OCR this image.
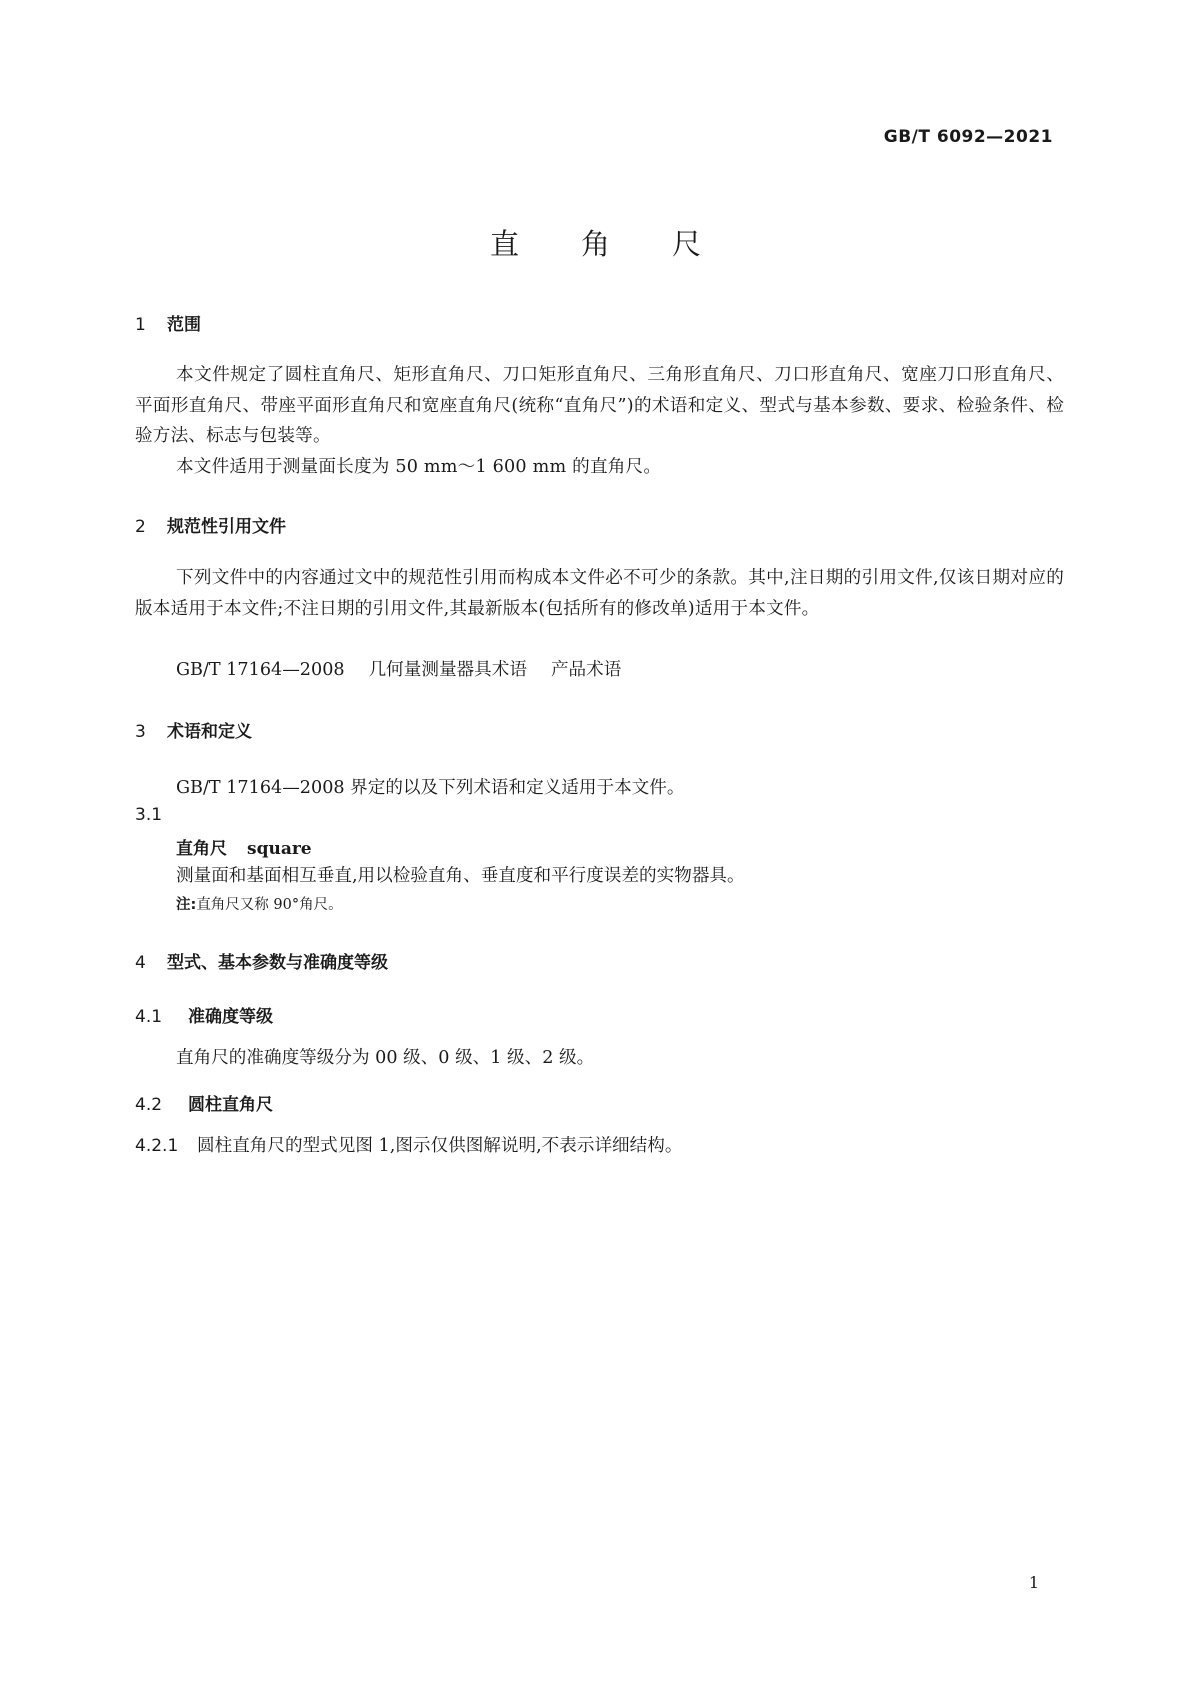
GB/T 6092—2021
直角尺
1 范围
本文件规定了圆柱直角尺、矩形直角尺、刀口矩形直角尺、三角形直角尺、刀口形直角尺、宽座刀口形直角尺、平面形直角尺、带座平面形直角尺和宽座直角尺(统称“直角尺”)的术语和定义、型式与基本参数、要求、检验条件、检验方法、标志与包装等。
本文件适用于测量面长度为 50 mm～1 600 mm 的直角尺。
2 规范性引用文件
下列文件中的内容通过文中的规范性引用而构成本文件必不可少的条款。其中,注日期的引用文件,仅该日期对应的版本适用于本文件;不注日期的引用文件,其最新版本(包括所有的修改单)适用于本文件。
GB/T 17164—2008 几何量测量器具术语 产品术语
3 术语和定义
GB/T 17164—2008 界定的以及下列术语和定义适用于本文件。
3.1
直角尺 square
测量面和基面相互垂直,用以检验直角、垂直度和平行度误差的实物器具。
注:直角尺又称 90°角尺。
4 型式、基本参数与准确度等级
4.1 准确度等级
直角尺的准确度等级分为 00 级、0 级、1 级、2 级。
4.2 圆柱直角尺
4.2.1 圆柱直角尺的型式见图 1,图示仅供图解说明,不表示详细结构。
1
